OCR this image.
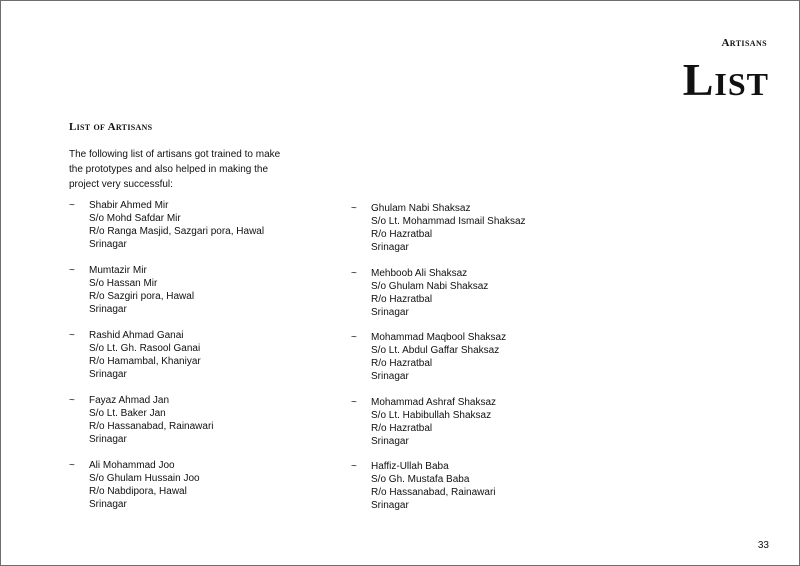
Artisans
List
List of Artisans
The following list of artisans got trained to make the prototypes and also helped in making the project very successful:
~ Shabir Ahmed Mir
S/o Mohd Safdar Mir
R/o Ranga Masjid, Sazgari pora, Hawal
Srinagar
~ Mumtazir Mir
S/o Hassan Mir
R/o Sazgiri pora, Hawal
Srinagar
~ Rashid Ahmad Ganai
S/o Lt. Gh. Rasool Ganai
R/o Hamambal, Khaniyar
Srinagar
~ Fayaz Ahmad Jan
S/o Lt. Baker Jan
R/o Hassanabad, Rainawari
Srinagar
~ Ali Mohammad Joo
S/o Ghulam Hussain Joo
R/o Nabdipora, Hawal
Srinagar
~ Ghulam Nabi Shaksaz
S/o Lt. Mohammad Ismail Shaksaz
R/o Hazratbal
Srinagar
~ Mehboob Ali Shaksaz
S/o Ghulam Nabi Shaksaz
R/o Hazratbal
Srinagar
~ Mohammad Maqbool Shaksaz
S/o Lt. Abdul Gaffar Shaksaz
R/o Hazratbal
Srinagar
~ Mohammad Ashraf Shaksaz
S/o Lt. Habibullah Shaksaz
R/o Hazratbal
Srinagar
~ Haffiz-Ullah Baba
S/o Gh. Mustafa Baba
R/o Hassanabad, Rainawari
Srinagar
33
